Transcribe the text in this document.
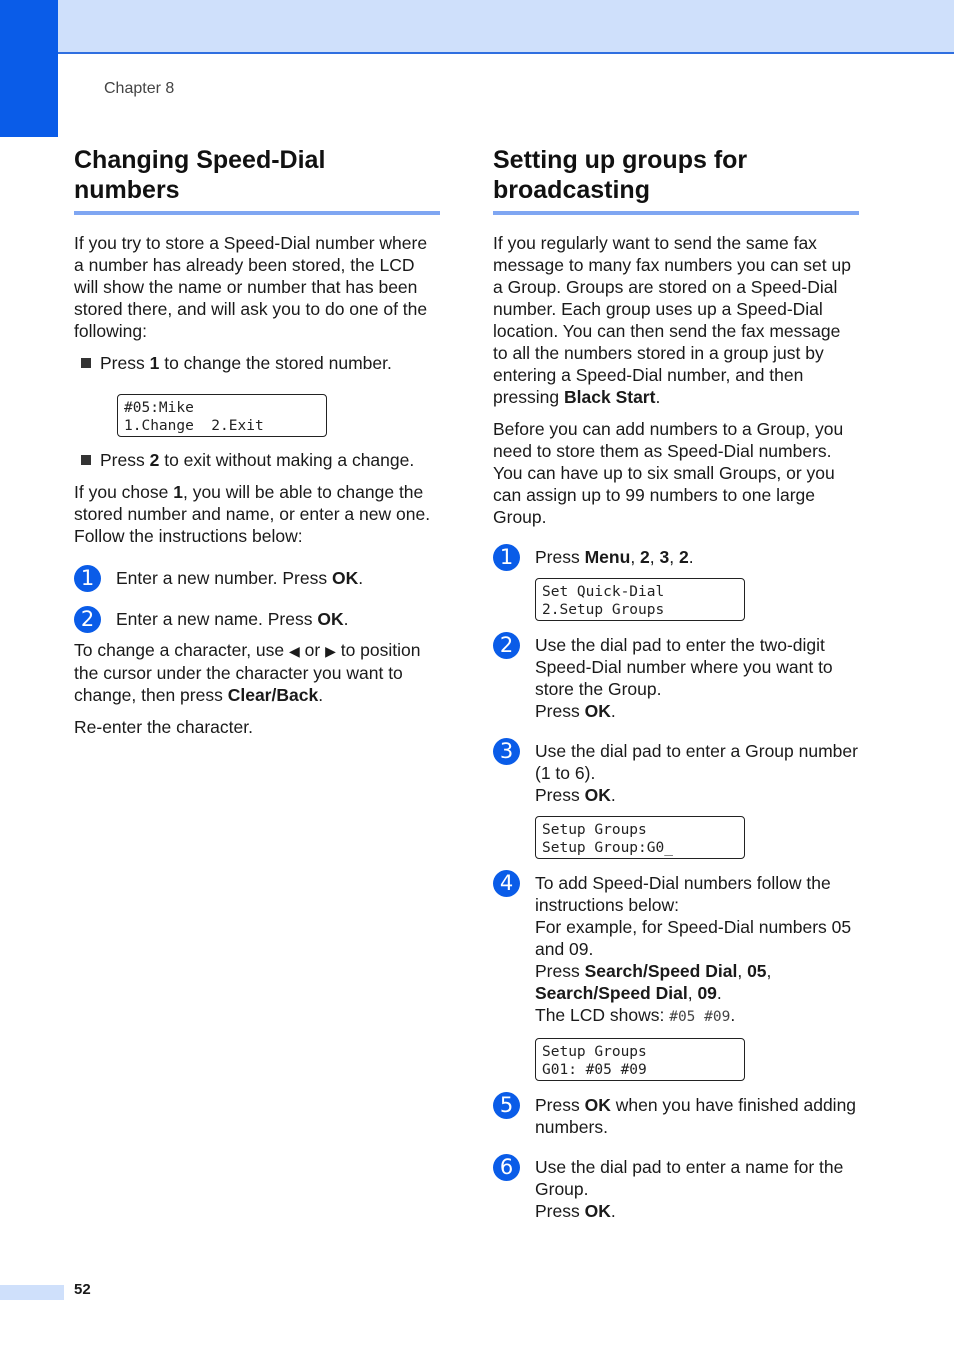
Chapter 8
Changing Speed-Dial
numbers

If you try to store a Speed-Dial number where a number has already been stored, the LCD will show the name or number that has been stored there, and will ask you to do one of the following:

Press 1 to change the stored number.
#05:Mike
1.Change  2.Exit
Press 2 to exit without making a change.

If you chose 1, you will be able to change the stored number and name, or enter a new one. Follow the instructions below:

1	Enter a new number. Press OK.
2	Enter a new name. Press OK.

To change a character, use ◀ or ▶ to position the cursor under the character you want to change, then press Clear/Back.

Re-enter the character.

Setting up groups for
broadcasting

If you regularly want to send the same fax message to many fax numbers you can set up a Group. Groups are stored on a Speed-Dial number. Each group uses up a Speed-Dial location. You can then send the fax message to all the numbers stored in a group just by entering a Speed-Dial number, and then pressing Black Start.

Before you can add numbers to a Group, you need to store them as Speed-Dial numbers. You can have up to six small Groups, or you can assign up to 99 numbers to one large Group.

1	Press Menu, 2, 3, 2.
Set Quick-Dial
2.Setup Groups
2	Use the dial pad to enter the two-digit Speed-Dial number where you want to store the Group.
Press OK.
3	Use the dial pad to enter a Group number (1 to 6).
Press OK.
Setup Groups
Setup Group:G0_
4	To add Speed-Dial numbers follow the instructions below:
For example, for Speed-Dial numbers 05 and 09.
Press Search/Speed Dial, 05,
Search/Speed Dial, 09.
The LCD shows: #05 #09.
Setup Groups
G01: #05 #09
5	Press OK when you have finished adding numbers.
6	Use the dial pad to enter a name for the Group.
Press OK.
52
